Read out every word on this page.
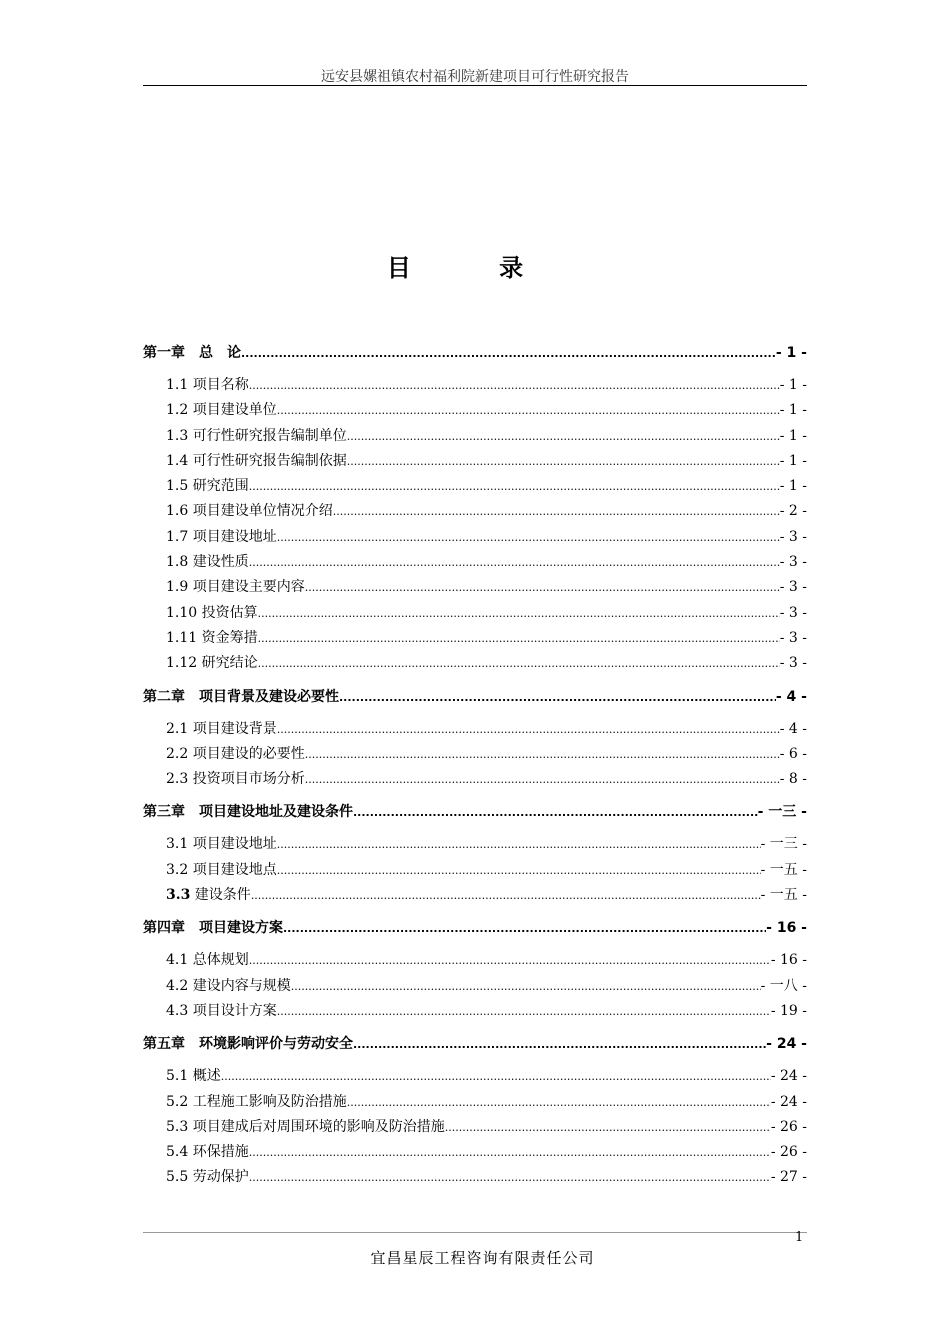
远安县嫘祖镇农村福利院新建项目可行性研究报告
目 录
第一章　总　论 .....	- 1 -
1.1 项目名称 .....	- 1 -
1.2 项目建设单位 .....	- 1 -
1.3 可行性研究报告编制单位 .....	- 1 -
1.4 可行性研究报告编制依据 .....	- 1 -
1.5 研究范围 .....	- 1 -
1.6 项目建设单位情况介绍 .....	- 2 -
1.7 项目建设地址 .....	- 3 -
1.8 建设性质 .....	- 3 -
1.9 项目建设主要内容 .....	- 3 -
1.10 投资估算 .....	- 3 -
1.11 资金筹措 .....	- 3 -
1.12 研究结论 .....	- 3 -
第二章　项目背景及建设必要性 .....	- 4 -
2.1 项目建设背景 .....	- 4 -
2.2 项目建设的必要性 .....	- 6 -
2.3 投资项目市场分析 .....	- 8 -
第三章　项目建设地址及建设条件 .....	- 一三 -
3.1 项目建设地址 .....	- 一三 -
3.2 项目建设地点 .....	- 一五 -
3.3 建设条件 .....	- 一五 -
第四章　项目建设方案 .....	- 16 -
4.1 总体规划 .....	- 16 -
4.2 建设内容与规模 .....	- 一八 -
4.3 项目设计方案 .....	- 19 -
第五章　环境影响评价与劳动安全 .....	- 24 -
5.1 概述 .....	- 24 -
5.2 工程施工影响及防治措施 .....	- 24 -
5.3 项目建成后对周围环境的影响及防治措施 .....	- 26 -
5.4 环保措施 .....	- 26 -
5.5 劳动保护 .....	- 27 -
1
宜昌星辰工程咨询有限责任公司
